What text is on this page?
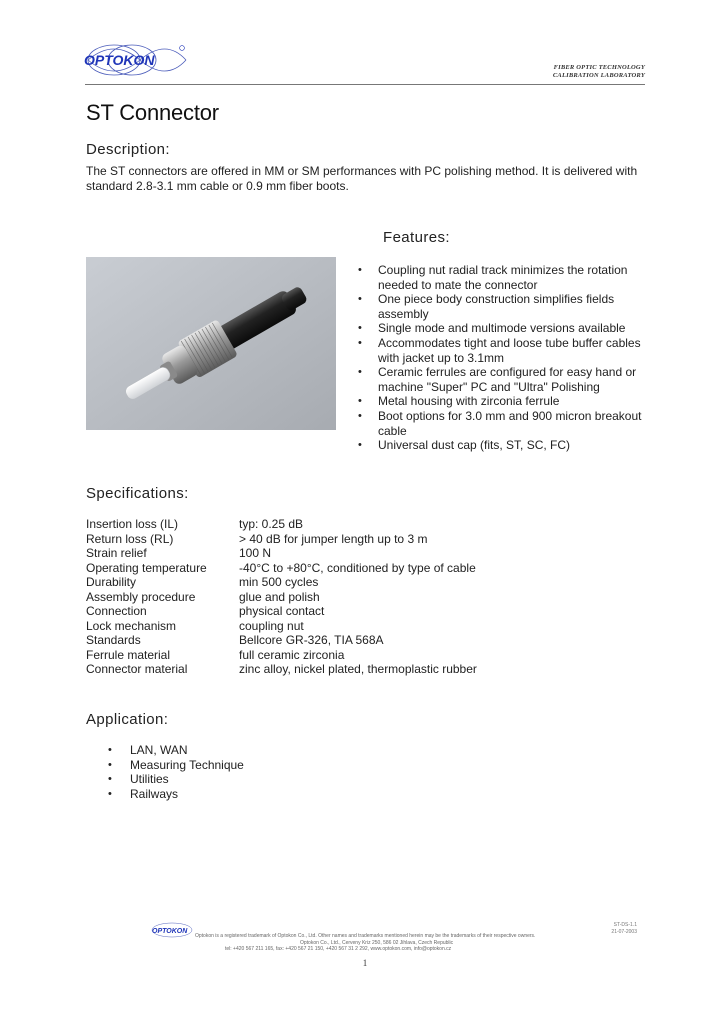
OPTOKON	FIBER OPTIC TECHNOLOGY
CALIBRATION LABORATORY
ST Connector
Description:
The ST connectors are offered in MM or SM performances with PC polishing method. It is delivered with standard 2.8-3.1 mm cable or 0.9 mm fiber boots.
Features:
• Coupling nut radial track minimizes the rotation needed to mate the connector
• One piece body construction simplifies fields assembly
• Single mode and multimode versions available
• Accommodates tight and loose tube buffer cables with jacket up to 3.1mm
• Ceramic ferrules are configured for easy hand or machine "Super" PC and "Ultra" Polishing
• Metal housing with zirconia ferrule
• Boot options for 3.0 mm and 900 micron breakout cable
• Universal dust cap (fits, ST, SC, FC)
Specifications:
Insertion loss (IL)	typ: 0.25 dB
Return loss (RL)	> 40 dB for jumper length up to 3 m
Strain relief	100 N
Operating temperature	-40°C to +80°C, conditioned by type of cable
Durability	min 500 cycles
Assembly procedure	glue and polish
Connection	physical contact
Lock mechanism	coupling nut
Standards	Bellcore GR-326, TIA 568A
Ferrule material	full ceramic zirconia
Connector material	zinc alloy, nickel plated, thermoplastic rubber
Application:
• LAN, WAN
• Measuring Technique
• Utilities
• Railways
OPTOKON
Optokon is a registered trademark of Optokon Co., Ltd. Other names and trademarks mentioned herein may be the trademarks of their respective owners.
Optokon Co., Ltd., Cerveny Kriz 250, 586 02 Jihlava, Czech Republic
tel: +420 567 211 165, fax: +420 567 21 150, +420 567 31 2 292, www.optokon.com, info@optokon.cz
ST-DS-1.1
21-07-2003
1
